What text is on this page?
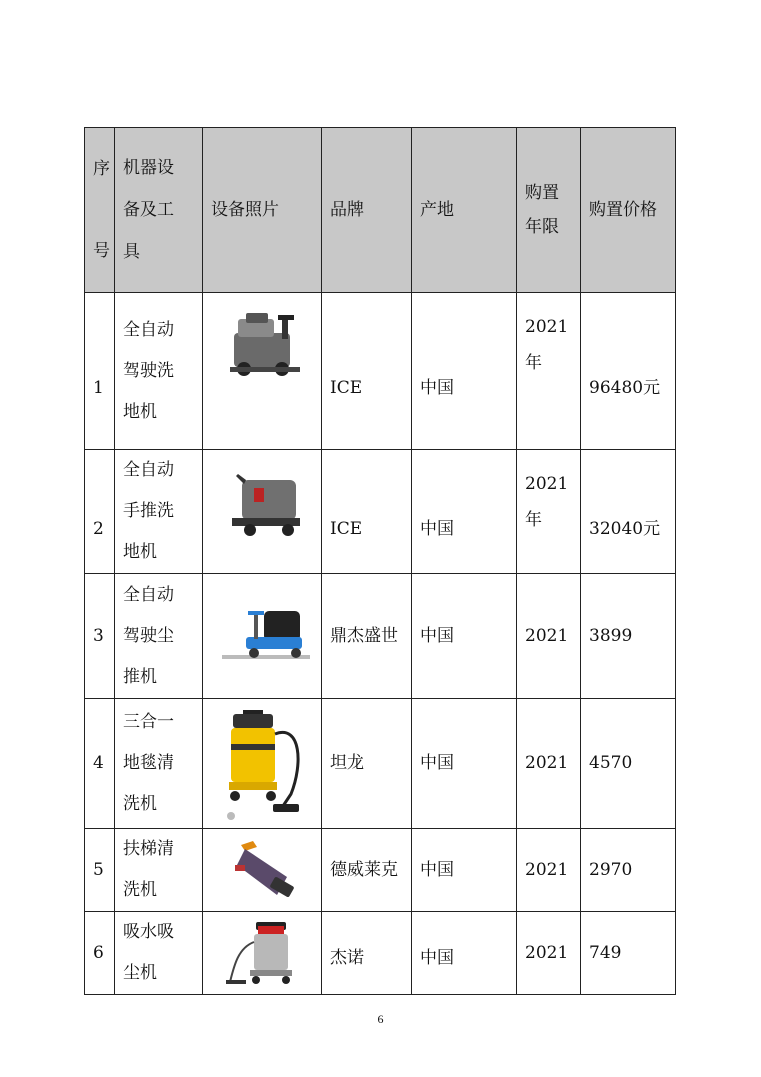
序号	机器设备及工具	设备照片	品牌	产地	购置年限	购置价格
1	全自动驾驶洗地机		ICE	中国	2021年	96480元
2	全自动手推洗地机		ICE	中国	2021年	32040元
3	全自动驾驶尘推机		鼎杰盛世	中国	2021	3899
4	三合一地毯清洗机		坦龙	中国	2021	4570
5	扶梯清洗机		德威莱克	中国	2021	2970
6	吸水吸尘机		杰诺	中国	2021	749
6
